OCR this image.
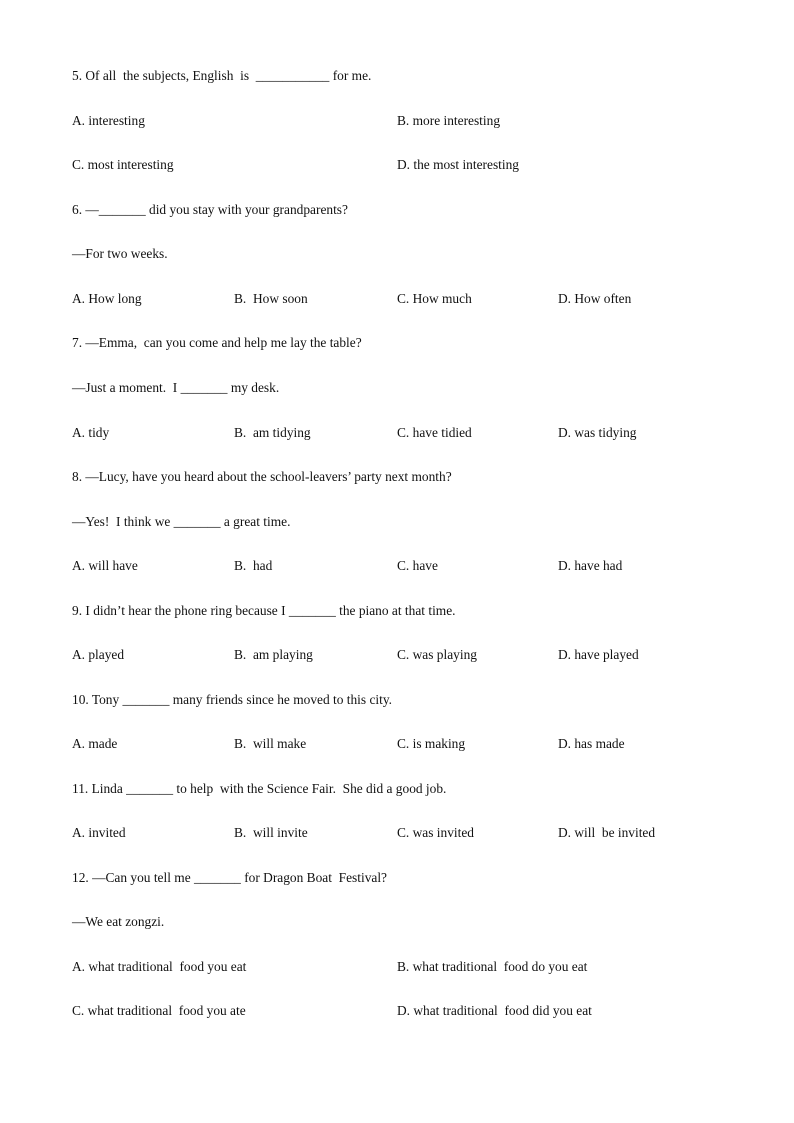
5. Of all  the subjects, English  is  ___________ for me.
A. interesting	B. more interesting
C. most interesting	D. the most interesting
6. —_______ did you stay with your grandparents?
—For two weeks.
A. How long	B.  How soon	C. How much	D. How often
7. —Emma,  can you come and help me lay the table?
—Just a moment.  I _______ my desk.
A. tidy	B.  am tidying	C. have tidied	D. was tidying
8. —Lucy, have you heard about the school-leavers’ party next month?
—Yes!  I think we _______ a great time.
A. will have	B.  had	C. have	D. have had
9. I didn’t hear the phone ring because I _______ the piano at that time.
A. played	B.  am playing	C. was playing	D. have played
10. Tony _______ many friends since he moved to this city.
A. made	B.  will make	C. is making	D. has made
11. Linda _______ to help  with the Science Fair.  She did a good job.
A. invited	B.  will invite	C. was invited	D. will  be invited
12. —Can you tell me _______ for Dragon Boat  Festival?
—We eat zongzi.
A. what traditional  food you eat	B. what traditional  food do you eat
C. what traditional  food you ate	D. what traditional  food did you eat
